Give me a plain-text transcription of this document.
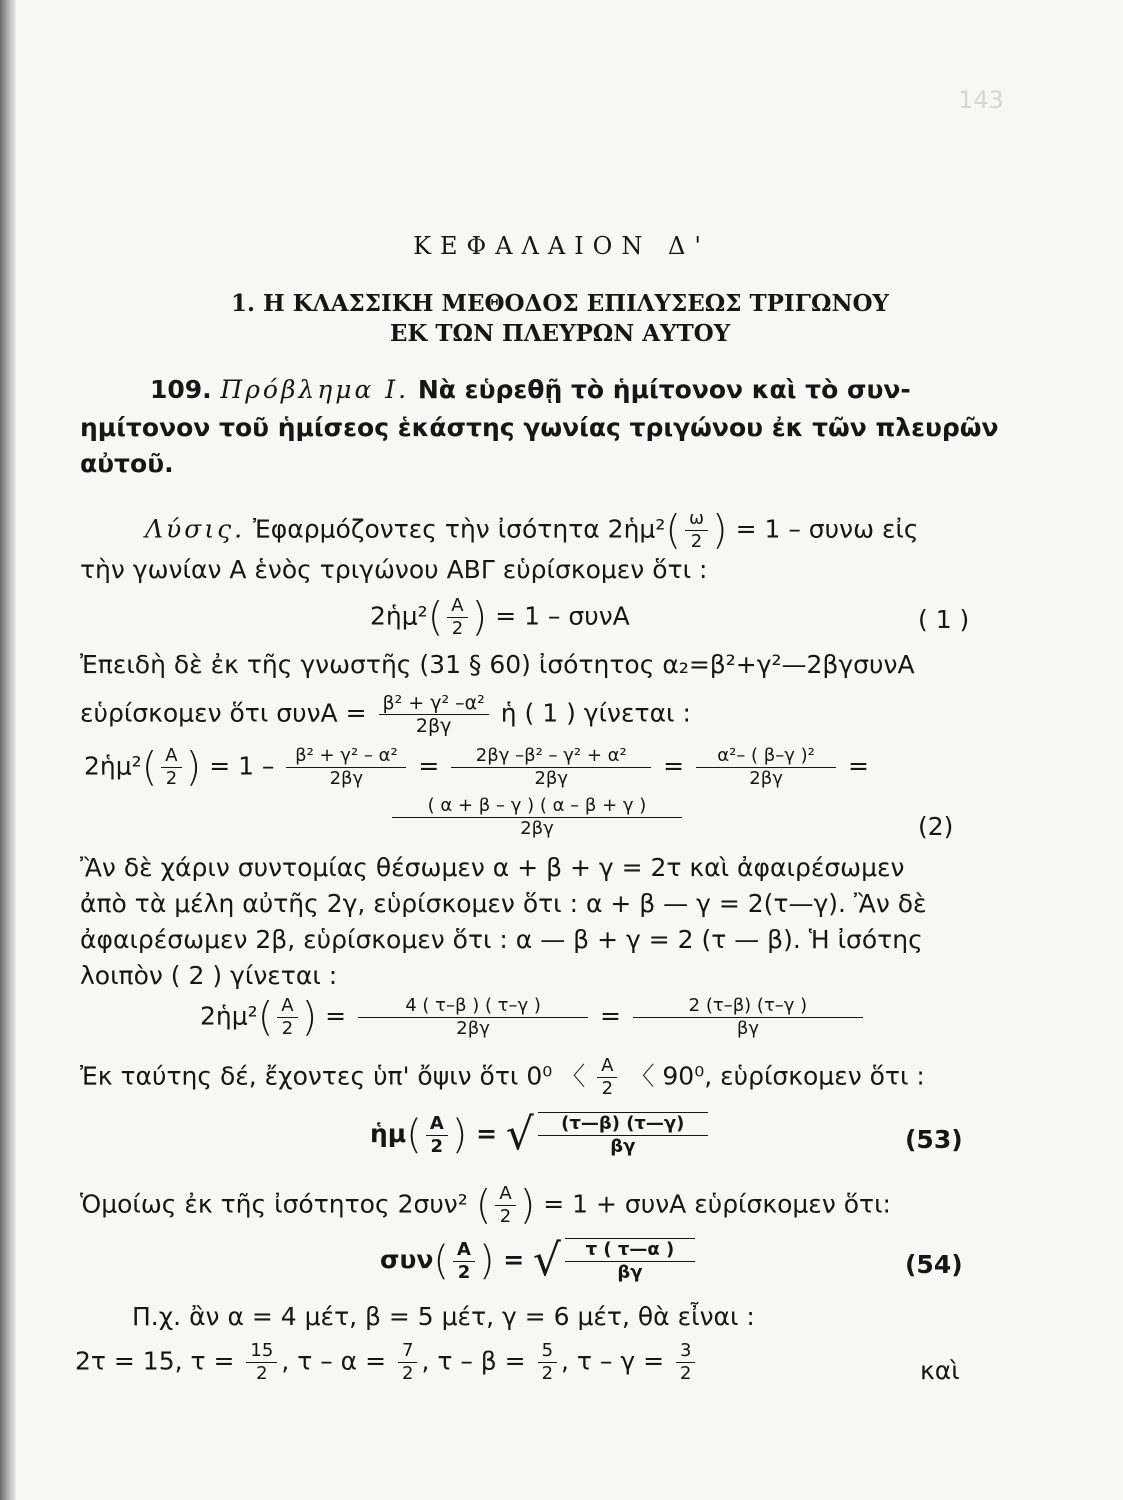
143
ΚΕΦΑΛΑΙΟΝ Δ'
1. Η ΚΛΑΣΣΙΚΗ ΜΕΘΟΔΟΣ ΕΠΙΛΥΣΕΩΣ ΤΡΙΓΩΝΟΥ
ΕΚ ΤΩΝ ΠΛΕΥΡΩΝ ΑΥΤΟΥ
109. Πρόβλημα Ι. Νὰ εὑρεθῇ τὸ ἡμίτονον καὶ τὸ συν-
ημίτονον τοῦ ἡμίσεος ἑκάστης γωνίας τριγώνου ἐκ τῶν πλευρῶν
αὐτοῦ.
Λύσις. Ἐφαρμόζοντες τὴν ἰσότητα 2ἡμ²( $\frac{\omega}{2}$ ) = 1 – συνω εἰς
τὴν γωνίαν Α ἑνὸς τριγώνου ΑΒΓ εὑρίσκομεν ὅτι :
2ἡμ²( $\frac{A}{2}$ ) = 1 – συνΑ	( 1 )
Ἐπειδὴ δὲ ἐκ τῆς γνωστῆς (31 § 60) ἰσότητος α₂=β²+γ²—2βγσυνΑ
εὑρίσκομεν ὅτι $\sigma\upsilon\nu A = \frac{\text{β² + γ² –α²}}{2\beta\gamma}$ ἡ ( 1 ) γίνεται :
2ἡμ²( $\frac{A}{2}$ ) = $1 - \frac{\text{β² + γ² – α²}}{2\beta\gamma} = \frac{\text{2βγ –β² – γ² + α²}}{2\beta\gamma} = \frac{\text{α²– ( β–γ )²}}{2\beta\gamma}$ =
$\frac{( \alpha + \beta - \gamma ) ( \alpha - \beta + \gamma )}{2\beta\gamma}$	(2)
Ἂν δὲ χάριν συντομίας θέσωμεν α + β + γ = 2τ καὶ ἀφαιρέσωμεν
ἀπὸ τὰ μέλη αὐτῆς 2γ, εὑρίσκομεν ὅτι : α + β — γ = 2(τ—γ). Ἂν δὲ
ἀφαιρέσωμεν 2β, εὑρίσκομεν ὅτι : α — β + γ = 2 (τ — β). Ἡ ἰσότης
λοιπὸν ( 2 ) γίνεται :
2ἡμ²( $\frac{A}{2}$ ) = $\frac{4 ( \tau-\beta ) ( \tau-\gamma )}{2\beta\gamma} = \frac{2 (\tau-\beta) (\tau-\gamma )}{\beta\gamma}$
Ἐκ ταύτης δέ, ἔχοντες ὑπ' ὄψιν ὅτι 0⁰ 〈 $\frac{A}{2}$ 〈 90⁰, εὑρίσκομεν ὅτι :
ἡμ( $\frac{A}{2}$ ) = √ $\frac{(\tau—\beta) (\tau—\gamma)}{\beta\gamma}$	(53)
Ὁμοίως ἐκ τῆς ἰσότητος 2συν² ( $\frac{A}{2}$ ) = 1 + συνΑ εὑρίσκομεν ὅτι:
$\sigma\upsilon\nu( \frac{A}{2}$ ) = √ $\frac{\tau ( \tau—\alpha )}{\beta\gamma}$	(54)
Π.χ. ἂν α = 4 μέτ, β = 5 μέτ, γ = 6 μέτ, θὰ εἶναι :
2τ = 15, $\tau = \frac{15}{2}$ , $\tau - \alpha = \frac{7}{2}$ , $\tau - \beta = \frac{5}{2}$ , $\tau - \gamma = \frac{3}{2}$	καὶ
